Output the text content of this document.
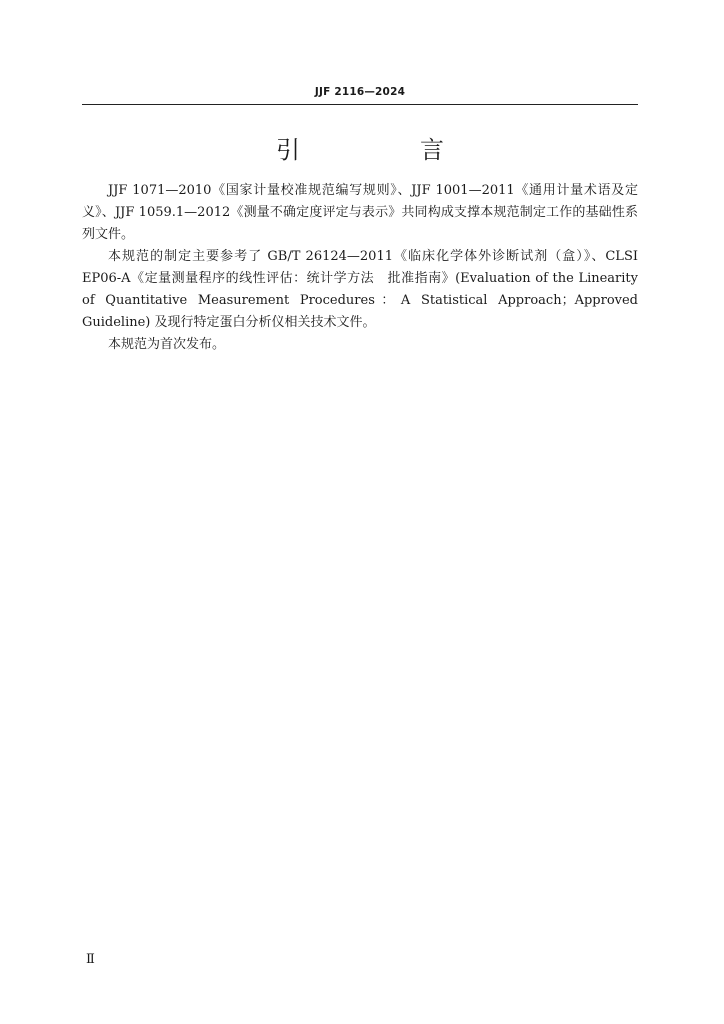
JJF 2116—2024
引　言

JJF 1071—2010《国家计量校准规范编写规则》、JJF 1001—2011《通用计量术语及定义》、JJF 1059.1—2012《测量不确定度评定与表示》共同构成支撑本规范制定工作的基础性系列文件。

本规范的制定主要参考了 GB/T 26124—2011《临床化学体外诊断试剂（盒）》、CLSI EP06-A《定量测量程序的线性评估：统计学方法　批准指南》(Evaluation of the Linearity of Quantitative Measurement Procedures：A Statistical Approach；Approved Guideline) 及现行特定蛋白分析仪相关技术文件。

本规范为首次发布。

Ⅱ
